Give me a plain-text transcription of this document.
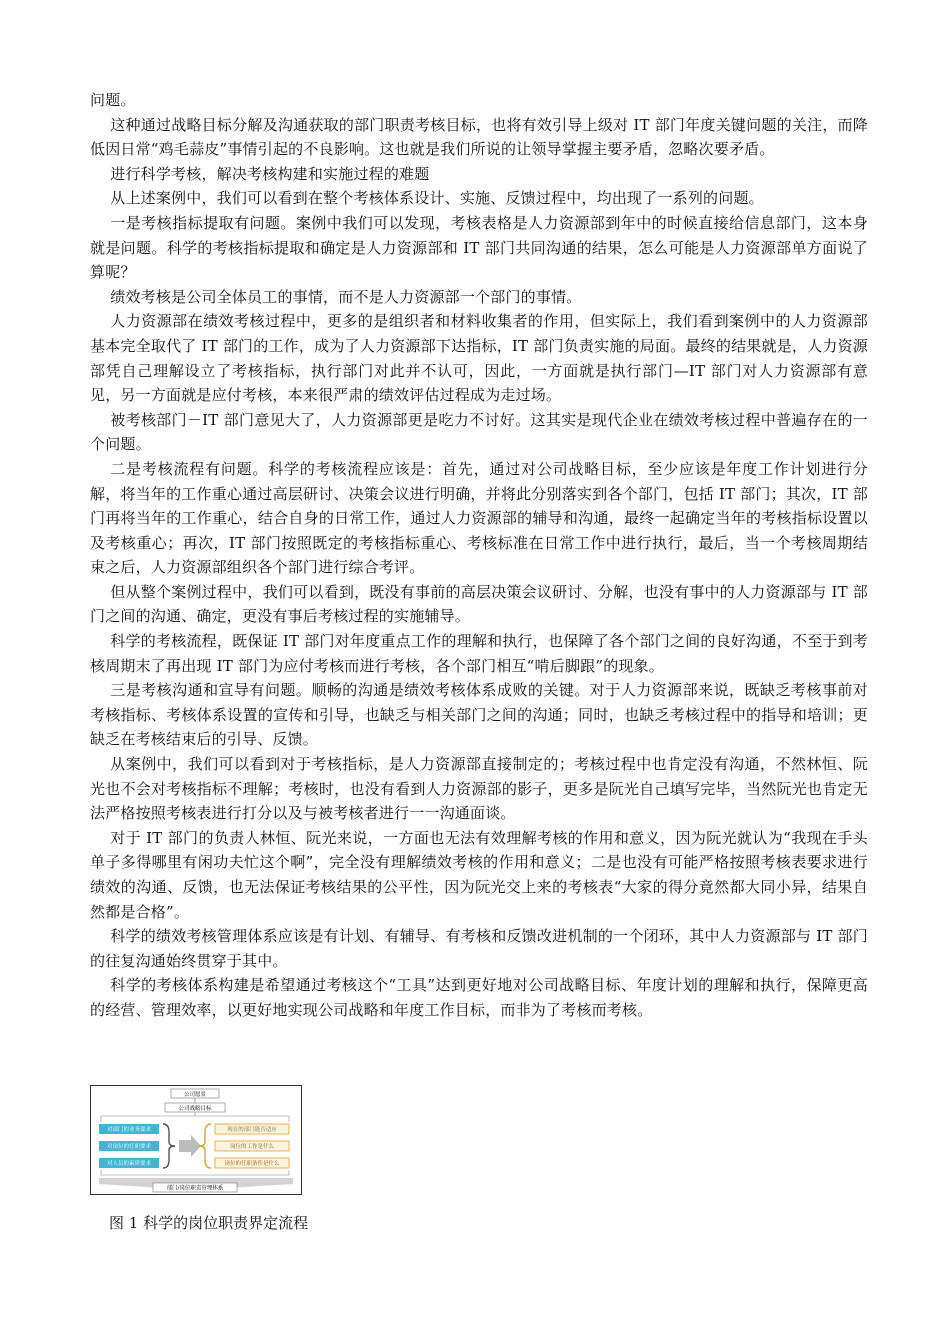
问题。

这种通过战略目标分解及沟通获取的部门职责考核目标，也将有效引导上级对 IT 部门年度关键问题的关注，而降低因日常“鸡毛蒜皮”事情引起的不良影响。这也就是我们所说的让领导掌握主要矛盾，忽略次要矛盾。

进行科学考核，解决考核构建和实施过程的难题

从上述案例中，我们可以看到在整个考核体系设计、实施、反馈过程中，均出现了一系列的问题。

一是考核指标提取有问题。案例中我们可以发现，考核表格是人力资源部到年中的时候直接给信息部门，这本身就是问题。科学的考核指标提取和确定是人力资源部和 IT 部门共同沟通的结果，怎么可能是人力资源部单方面说了算呢？

绩效考核是公司全体员工的事情，而不是人力资源部一个部门的事情。

人力资源部在绩效考核过程中，更多的是组织者和材料收集者的作用，但实际上，我们看到案例中的人力资源部基本完全取代了 IT 部门的工作，成为了人力资源部下达指标，IT 部门负责实施的局面。最终的结果就是，人力资源部凭自己理解设立了考核指标，执行部门对此并不认可，因此，一方面就是执行部门—IT 部门对人力资源部有意见，另一方面就是应付考核，本来很严肃的绩效评估过程成为走过场。

被考核部门－IT 部门意见大了，人力资源部更是吃力不讨好。这其实是现代企业在绩效考核过程中普遍存在的一个问题。

二是考核流程有问题。科学的考核流程应该是：首先，通过对公司战略目标，至少应该是年度工作计划进行分解，将当年的工作重心通过高层研讨、决策会议进行明确，并将此分别落实到各个部门，包括 IT 部门；其次，IT 部门再将当年的工作重心，结合自身的日常工作，通过人力资源部的辅导和沟通，最终一起确定当年的考核指标设置以及考核重心；再次，IT 部门按照既定的考核指标重心、考核标准在日常工作中进行执行，最后，当一个考核周期结束之后，人力资源部组织各个部门进行综合考评。

但从整个案例过程中，我们可以看到，既没有事前的高层决策会议研讨、分解，也没有事中的人力资源部与 IT 部门之间的沟通、确定，更没有事后考核过程的实施辅导。

科学的考核流程，既保证 IT 部门对年度重点工作的理解和执行，也保障了各个部门之间的良好沟通，不至于到考核周期末了再出现 IT 部门为应付考核而进行考核，各个部门相互“啃后脚跟”的现象。

三是考核沟通和宣导有问题。顺畅的沟通是绩效考核体系成败的关键。对于人力资源部来说，既缺乏考核事前对考核指标、考核体系设置的宣传和引导，也缺乏与相关部门之间的沟通；同时，也缺乏考核过程中的指导和培训；更缺乏在考核结束后的引导、反馈。

从案例中，我们可以看到对于考核指标，是人力资源部直接制定的；考核过程中也肯定没有沟通，不然林恒、阮光也不会对考核指标不理解；考核时，也没有看到人力资源部的影子，更多是阮光自己填写完毕，当然阮光也肯定无法严格按照考核表进行打分以及与被考核者进行一一沟通面谈。

对于 IT 部门的负责人林恒、阮光来说，一方面也无法有效理解考核的作用和意义，因为阮光就认为“我现在手头单子多得哪里有闲功夫忙这个啊”，完全没有理解绩效考核的作用和意义；二是也没有可能严格按照考核表要求进行绩效的沟通、反馈，也无法保证考核结果的公平性，因为阮光交上来的考核表“大家的得分竟然都大同小异，结果自然都是合格”。

科学的绩效考核管理体系应该是有计划、有辅导、有考核和反馈改进机制的一个闭环，其中人力资源部与 IT 部门的往复沟通始终贯穿于其中。

科学的考核体系构建是希望通过考核这个“工具”达到更好地对公司战略目标、年度计划的理解和执行，保障更高的经营、管理效率，以更好地实现公司战略和年度工作目标，而非为了考核而考核。

公司愿景
公司战略目标
对部门的业务要求
对岗位的任职要求
对人员的素质要求
现在的部门能否适应
岗位的工作是什么
岗位的任职条件是什么
部门/岗位职责管理体系
图 1 科学的岗位职责界定流程
